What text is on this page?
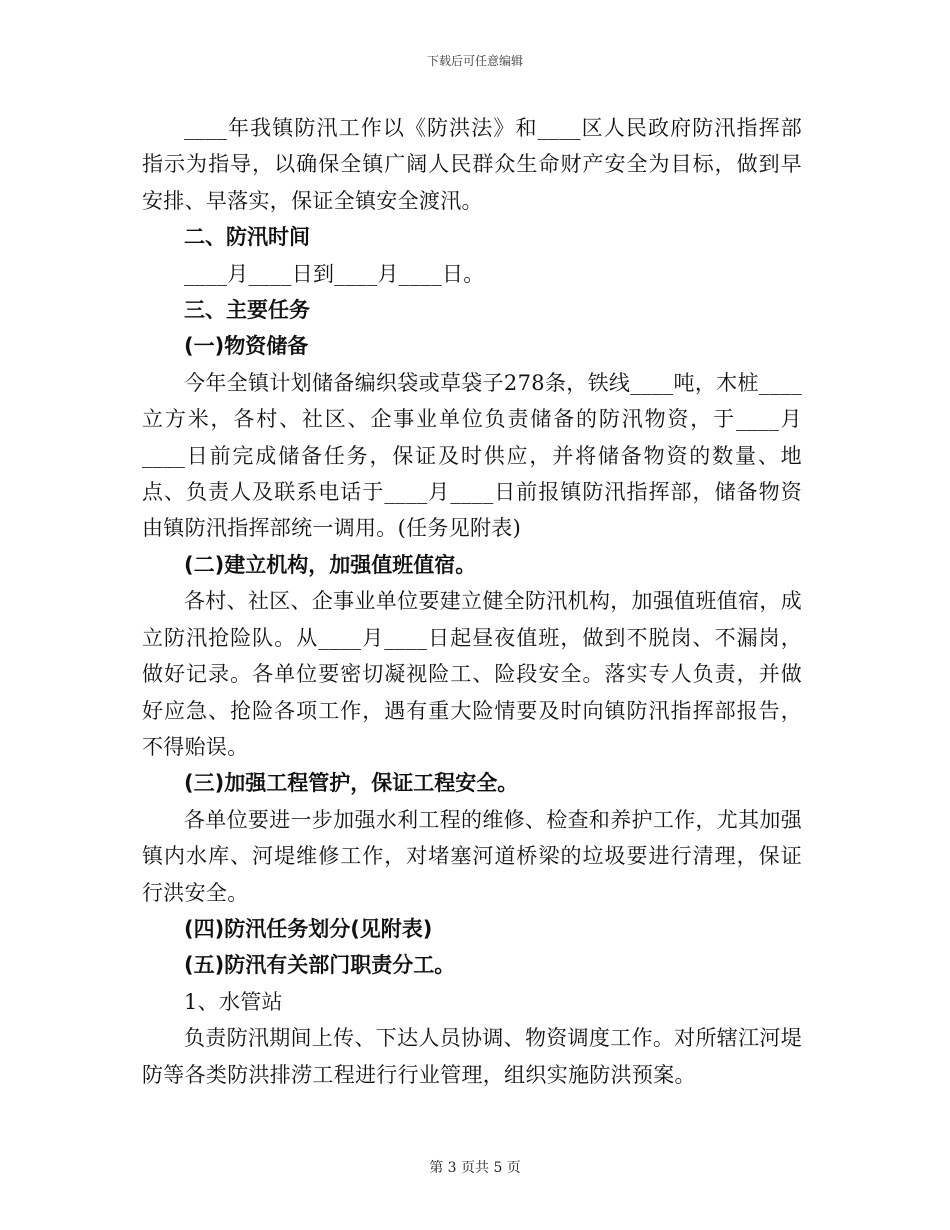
下载后可任意编辑

____年我镇防汛工作以《防洪法》和____区人民政府防汛指挥部指示为指导，以确保全镇广阔人民群众生命财产安全为目标，做到早安排、早落实，保证全镇安全渡汛。

二、防汛时间

____月____日到____月____日。

三、主要任务

(一)物资储备

今年全镇计划储备编织袋或草袋子278条，铁线____吨，木桩____立方米，各村、社区、企事业单位负责储备的防汛物资，于____月____日前完成储备任务，保证及时供应，并将储备物资的数量、地点、负责人及联系电话于____月____日前报镇防汛指挥部，储备物资由镇防汛指挥部统一调用。(任务见附表)

(二)建立机构，加强值班值宿。

各村、社区、企事业单位要建立健全防汛机构，加强值班值宿，成立防汛抢险队。从____月____日起昼夜值班，做到不脱岗、不漏岗，做好记录。各单位要密切凝视险工、险段安全。落实专人负责，并做好应急、抢险各项工作，遇有重大险情要及时向镇防汛指挥部报告，不得贻误。

(三)加强工程管护，保证工程安全。

各单位要进一步加强水利工程的维修、检查和养护工作，尤其加强镇内水库、河堤维修工作，对堵塞河道桥梁的垃圾要进行清理，保证行洪安全。

(四)防汛任务划分(见附表)

(五)防汛有关部门职责分工。

1、水管站

负责防汛期间上传、下达人员协调、物资调度工作。对所辖江河堤防等各类防洪排涝工程进行行业管理，组织实施防洪预案。

第 3 页共 5 页
